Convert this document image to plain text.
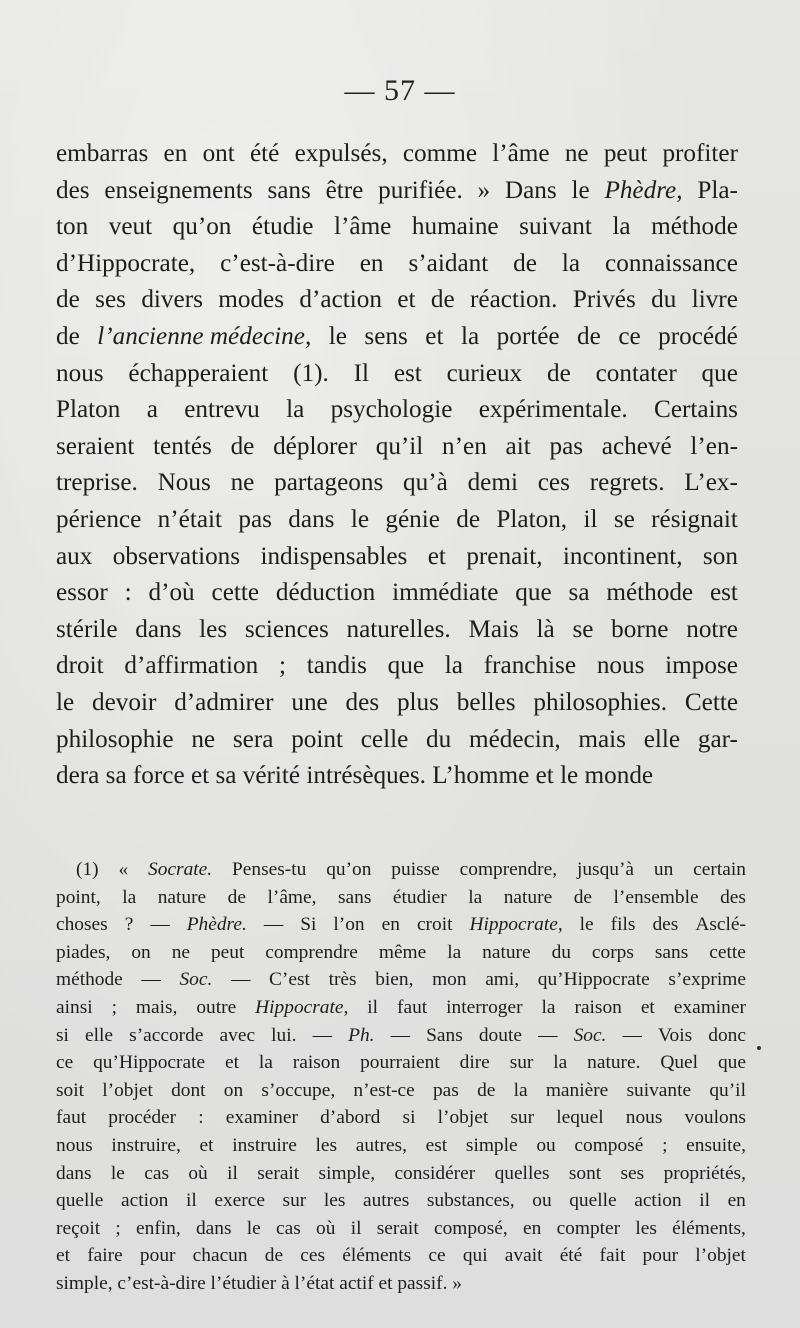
— 57 —
embarras en ont été expulsés, comme l’âme ne peut profiter
des enseignements sans être purifiée. » Dans le Phèdre, Pla-
ton veut qu’on étudie l’âme humaine suivant la méthode
d’Hippocrate, c’est-à-dire en s’aidant de la connaissance
de ses divers modes d’action et de réaction. Privés du livre
de l’ancienne médecine, le sens et la portée de ce procédé
nous échapperaient (1). Il est curieux de contater que
Platon a entrevu la psychologie expérimentale. Certains
seraient tentés de déplorer qu’il n’en ait pas achevé l’en-
treprise. Nous ne partageons qu’à demi ces regrets. L’ex-
périence n’était pas dans le génie de Platon, il se résignait
aux observations indispensables et prenait, incontinent, son
essor : d’où cette déduction immédiate que sa méthode est
stérile dans les sciences naturelles. Mais là se borne notre
droit d’affirmation ; tandis que la franchise nous impose
le devoir d’admirer une des plus belles philosophies. Cette
philosophie ne sera point celle du médecin, mais elle gar-
dera sa force et sa vérité intrésèques. L’homme et le monde
(1) « Socrate. Penses-tu qu’on puisse comprendre, jusqu’à un certain
point, la nature de l’âme, sans étudier la nature de l’ensemble des
choses ? — Phèdre. — Si l’on en croit Hippocrate, le fils des Asclé-
piades, on ne peut comprendre même la nature du corps sans cette
méthode — Soc. — C’est très bien, mon ami, qu’Hippocrate s’exprime
ainsi ; mais, outre Hippocrate, il faut interroger la raison et examiner
si elle s’accorde avec lui. — Ph. — Sans doute — Soc. — Vois donc
ce qu’Hippocrate et la raison pourraient dire sur la nature. Quel que
soit l’objet dont on s’occupe, n’est-ce pas de la manière suivante qu’il
faut procéder : examiner d’abord si l’objet sur lequel nous voulons
nous instruire, et instruire les autres, est simple ou composé ; ensuite,
dans le cas où il serait simple, considérer quelles sont ses propriétés,
quelle action il exerce sur les autres substances, ou quelle action il en
reçoit ; enfin, dans le cas où il serait composé, en compter les éléments,
et faire pour chacun de ces éléments ce qui avait été fait pour l’objet
simple, c’est-à-dire l’étudier à l’état actif et passif. »
